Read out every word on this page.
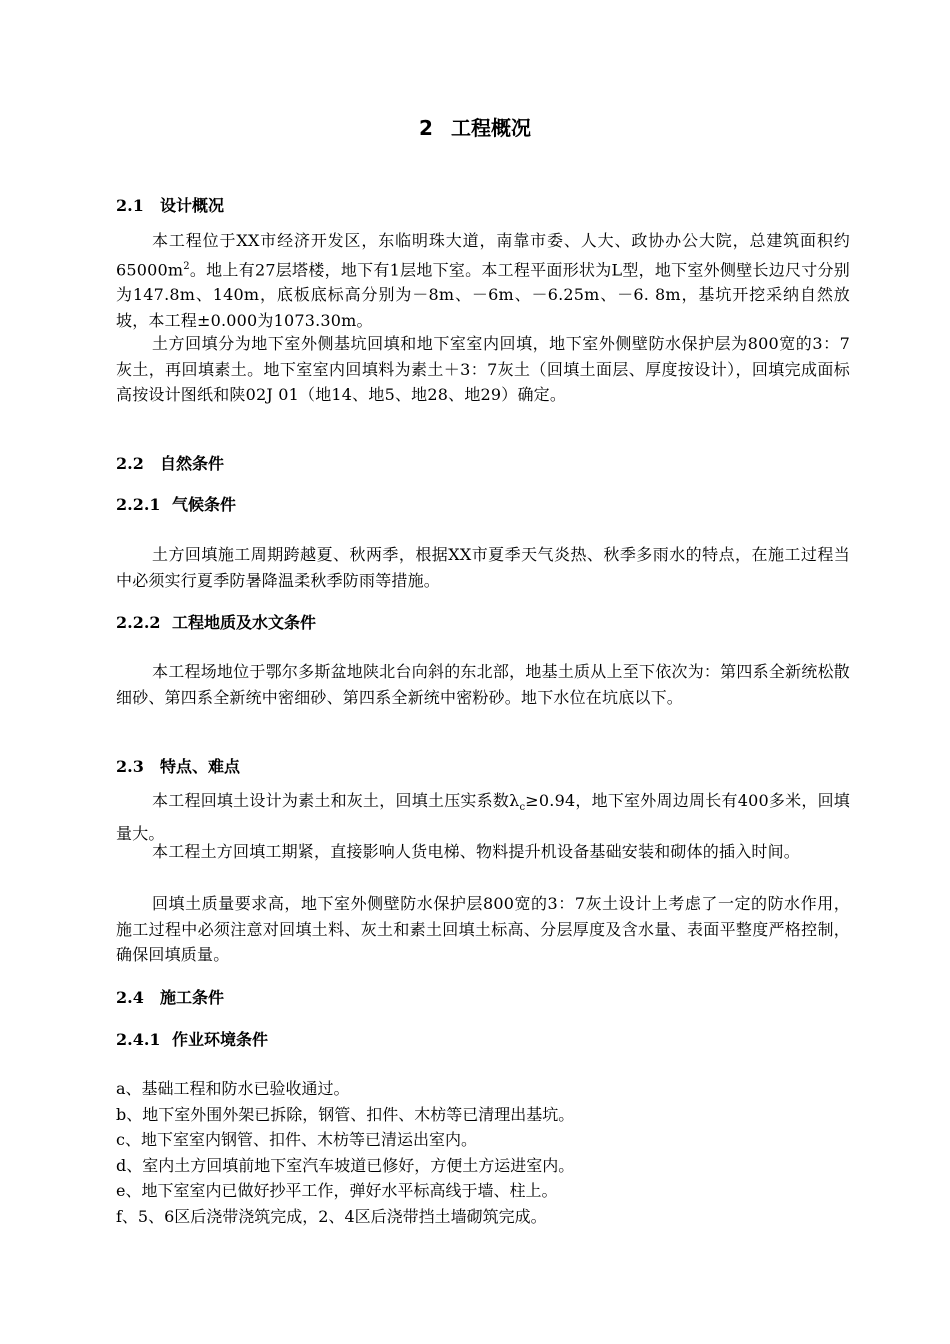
2 工程概况
2.1 设计概况
本工程位于XX市经济开发区，东临明珠大道，南靠市委、人大、政协办公大院，总建筑面积约$65000m^2$。地上有27层塔楼，地下有1层地下室。本工程平面形状为L型，地下室外侧壁长边尺寸分别为147.8m、140m，底板底标高分别为－8m、－6m、－6.25m、－6. 8m，基坑开挖采纳自然放坡，本工程±0.000为1073.30m。
土方回填分为地下室外侧基坑回填和地下室室内回填，地下室外侧壁防水保护层为800宽的3：7灰土，再回填素土。地下室室内回填料为素土＋3：7灰土（回填土面层、厚度按设计），回填完成面标高按设计图纸和陕02J 01（地14、地5、地28、地29）确定。
2.2 自然条件
2.2.1 气候条件
土方回填施工周期跨越夏、秋两季，根据XX市夏季天气炎热、秋季多雨水的特点，在施工过程当中必须实行夏季防暑降温柔秋季防雨等措施。
2.2.2 工程地质及水文条件
本工程场地位于鄂尔多斯盆地陕北台向斜的东北部，地基土质从上至下依次为：第四系全新统松散细砂、第四系全新统中密细砂、第四系全新统中密粉砂。地下水位在坑底以下。
2.3 特点、难点
本工程回填土设计为素土和灰土，回填土压实系数$\lambda_c\ge 0.94$，地下室外周边周长有400多米，回填量大。
本工程土方回填工期紧，直接影响人货电梯、物料提升机设备基础安装和砌体的插入时间。
回填土质量要求高，地下室外侧壁防水保护层800宽的3：7灰土设计上考虑了一定的防水作用，施工过程中必须注意对回填土料、灰土和素土回填土标高、分层厚度及含水量、表面平整度严格控制，确保回填质量。
2.4 施工条件
2.4.1 作业环境条件
a、基础工程和防水已验收通过。
b、地下室外围外架已拆除，钢管、扣件、木枋等已清理出基坑。
c、地下室室内钢管、扣件、木枋等已清运出室内。
d、室内土方回填前地下室汽车坡道已修好，方便土方运进室内。
e、地下室室内已做好抄平工作，弹好水平标高线于墙、柱上。
f、5、6区后浇带浇筑完成，2、4区后浇带挡土墙砌筑完成。
